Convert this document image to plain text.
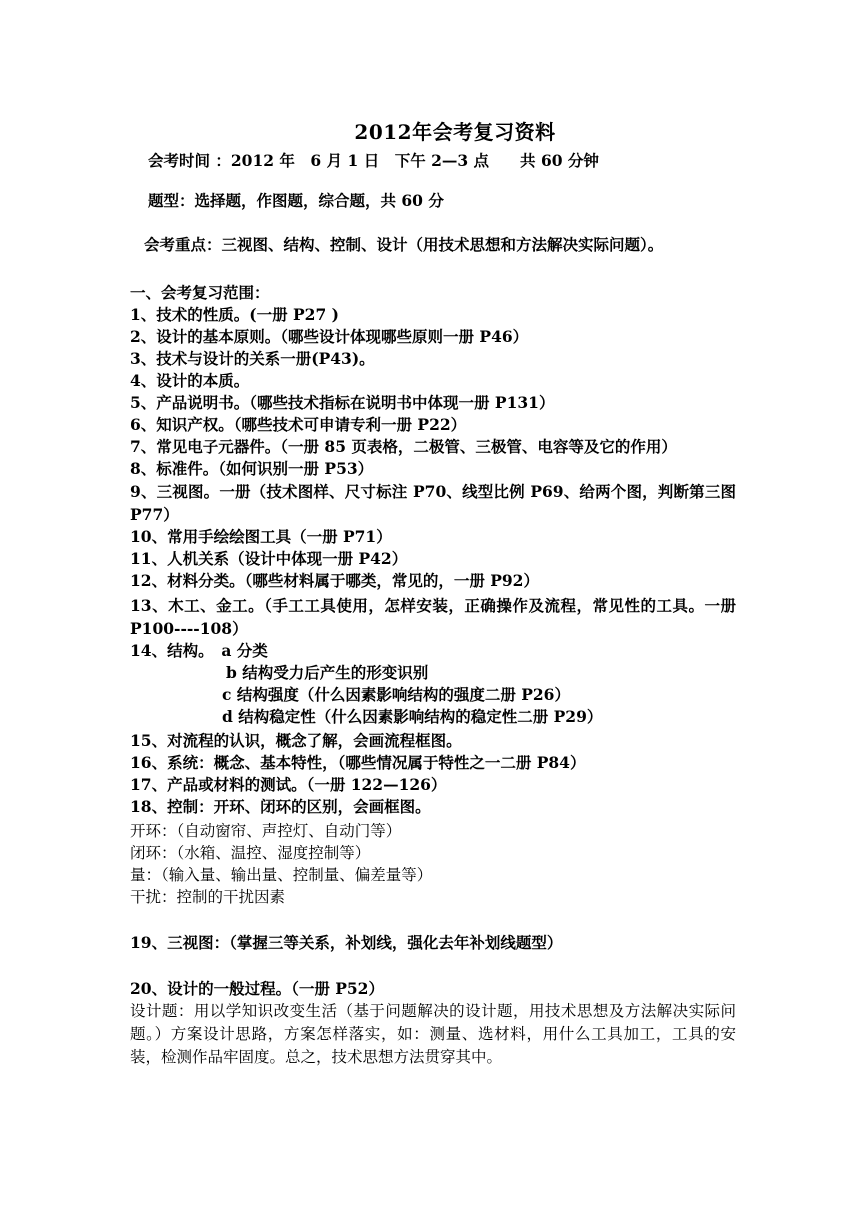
2012年会考复习资料
会考时间 ：2012 年　6 月 1 日　下午 2—3 点　　共 60 分钟
题型：选择题，作图题，综合题，共 60 分
会考重点：三视图、结构、控制、设计（用技术思想和方法解决实际问题）。
一、会考复习范围：
1、技术的性质。(一册 P27 )
2、设计的基本原则。（哪些设计体现哪些原则一册 P46）
3、技术与设计的关系一册(P43)。
4、设计的本质。
5、产品说明书。（哪些技术指标在说明书中体现一册 P131）
6、知识产权。（哪些技术可申请专利一册 P22）
7、常见电子元器件。（一册 85 页表格，二极管、三极管、电容等及它的作用）
8、标准件。（如何识别一册 P53）
9、三视图。一册（技术图样、尺寸标注 P70、线型比例 P69、给两个图，判断第三图 P77）
10、常用手绘绘图工具（一册 P71）
11、人机关系（设计中体现一册 P42）
12、材料分类。（哪些材料属于哪类，常见的，一册 P92）
13、木工、金工。（手工工具使用，怎样安装，正确操作及流程，常见性的工具。一册 P100----108）
14、结构。　a 分类
b 结构受力后产生的形变识别
c 结构强度（什么因素影响结构的强度二册 P26）
d 结构稳定性（什么因素影响结构的稳定性二册 P29）
15、对流程的认识，概念了解，会画流程框图。
16、系统：概念、基本特性，（哪些情况属于特性之一二册 P84）
17、产品或材料的测试。（一册 122—126）
18、控制：开环、闭环的区别，会画框图。
开环：（自动窗帘、声控灯、自动门等）
闭环：（水箱、温控、湿度控制等）
量：（输入量、输出量、控制量、偏差量等）
干扰：控制的干扰因素
19、三视图：（掌握三等关系，补划线，强化去年补划线题型）
20、设计的一般过程。（一册 P52）
设计题：用以学知识改变生活（基于问题解决的设计题，用技术思想及方法解决实际问题。）方案设计思路，方案怎样落实，如：测量、选材料，用什么工具加工，工具的安装，检测作品牢固度。总之，技术思想方法贯穿其中。
